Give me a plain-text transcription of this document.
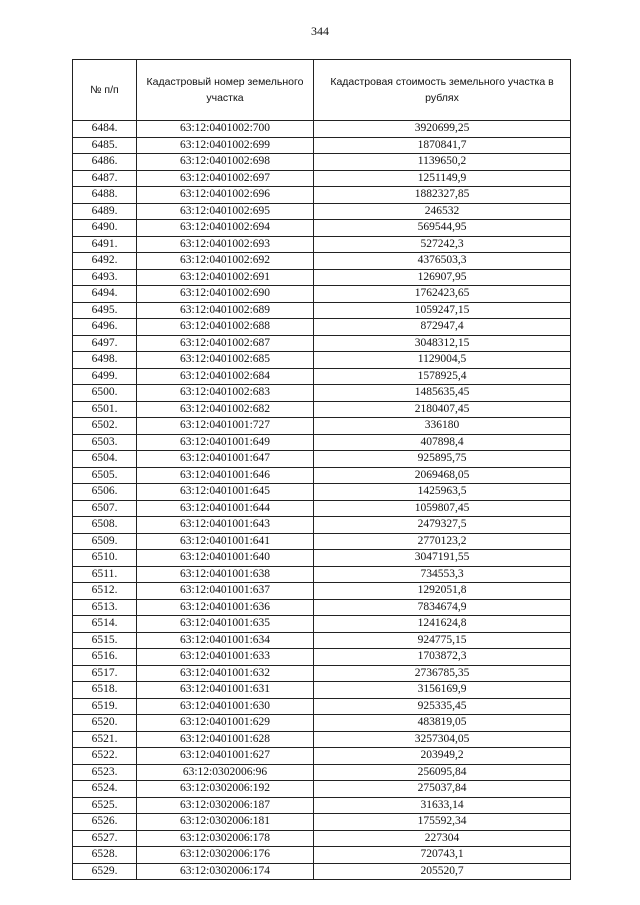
344
№ п/п	Кадастровый номер земельного участка	Кадастровая стоимость земельного участка в рублях
6484.	63:12:0401002:700	3920699,25
6485.	63:12:0401002:699	1870841,7
6486.	63:12:0401002:698	1139650,2
6487.	63:12:0401002:697	1251149,9
6488.	63:12:0401002:696	1882327,85
6489.	63:12:0401002:695	246532
6490.	63:12:0401002:694	569544,95
6491.	63:12:0401002:693	527242,3
6492.	63:12:0401002:692	4376503,3
6493.	63:12:0401002:691	126907,95
6494.	63:12:0401002:690	1762423,65
6495.	63:12:0401002:689	1059247,15
6496.	63:12:0401002:688	872947,4
6497.	63:12:0401002:687	3048312,15
6498.	63:12:0401002:685	1129004,5
6499.	63:12:0401002:684	1578925,4
6500.	63:12:0401002:683	1485635,45
6501.	63:12:0401002:682	2180407,45
6502.	63:12:0401001:727	336180
6503.	63:12:0401001:649	407898,4
6504.	63:12:0401001:647	925895,75
6505.	63:12:0401001:646	2069468,05
6506.	63:12:0401001:645	1425963,5
6507.	63:12:0401001:644	1059807,45
6508.	63:12:0401001:643	2479327,5
6509.	63:12:0401001:641	2770123,2
6510.	63:12:0401001:640	3047191,55
6511.	63:12:0401001:638	734553,3
6512.	63:12:0401001:637	1292051,8
6513.	63:12:0401001:636	7834674,9
6514.	63:12:0401001:635	1241624,8
6515.	63:12:0401001:634	924775,15
6516.	63:12:0401001:633	1703872,3
6517.	63:12:0401001:632	2736785,35
6518.	63:12:0401001:631	3156169,9
6519.	63:12:0401001:630	925335,45
6520.	63:12:0401001:629	483819,05
6521.	63:12:0401001:628	3257304,05
6522.	63:12:0401001:627	203949,2
6523.	63:12:0302006:96	256095,84
6524.	63:12:0302006:192	275037,84
6525.	63:12:0302006:187	31633,14
6526.	63:12:0302006:181	175592,34
6527.	63:12:0302006:178	227304
6528.	63:12:0302006:176	720743,1
6529.	63:12:0302006:174	205520,7
